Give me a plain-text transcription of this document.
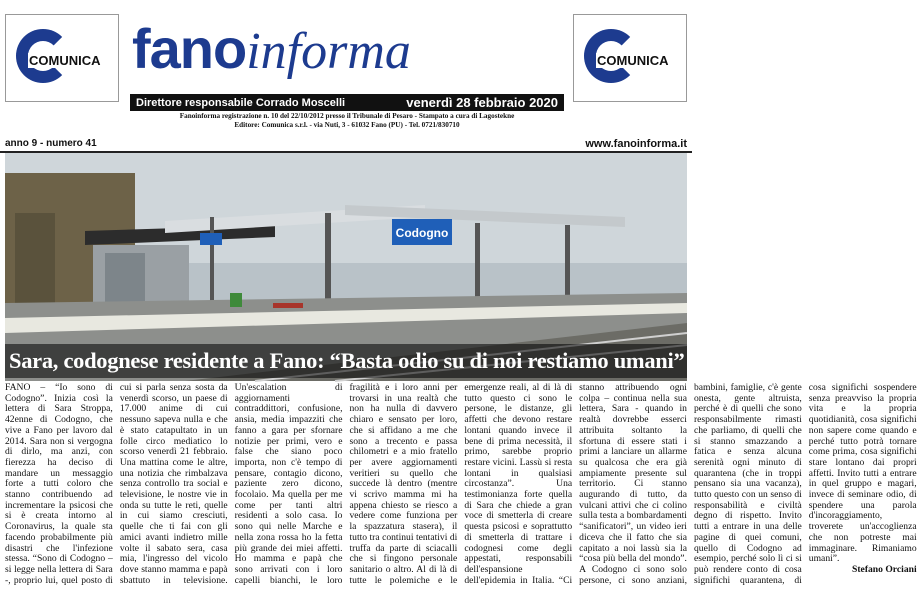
COMUNICA fanoinforma	COMUNICA
Direttore responsabile Corrado Moscelli	venerdì 28 febbraio 2020
Fanoinforma registrazione n. 10 del 22/10/2012 presso il Tribunale di Pesaro - Stampato a cura di Lagostekne
Editore: Comunica s.r.l. - via Nuti, 3 - 61032 Fano (PU) - Tel. 0721/830710
anno 9 - numero 41	www.fanoinforma.it
Codogno
Sara, codognese residente a Fano: “Basta odio su di noi restiamo umani”

FANO – “Io sono di Codogno”. Inizia così la lettera di Sara Stroppa, 42enne di Codogno, che vive a Fano per lavoro dal 2014. Sara non si vergogna di dirlo, ma anzi, con fierezza ha deciso di mandare un messaggio forte a tutti coloro che stanno contribuendo ad incrementare la psicosi che si è creata intorno al Coronavirus, la quale sta facendo probabilmente più disastri che l'infezione stessa. “Sono di Codogno – si legge nella lettera di Sara -, proprio lui, quel posto di cui si parla senza sosta da venerdì scorso, un paese di 17.000 anime di cui nessuno sapeva nulla e che è stato catapultato in un folle circo mediatico lo scorso venerdì 21 febbraio. Una mattina come le altre, una notizia che rimbalzava senza controllo tra social e televisione, le nostre vie in onda su tutte le reti, quelle in cui siamo cresciuti, quelle che ti fai con gli amici avanti indietro mille volte il sabato sera, casa mia, l'ingresso del vicolo dove stanno mamma e papà sbattuto in televisione. Un'escalation di aggiornamenti contraddittori, confusione, ansia, media impazziti che fanno a gara per sfornare notizie per primi, vero e false che siano poco importa, non c'è tempo di pensare, contagio dicono, paziente zero dicono, focolaio. Ma quella per me come per tanti altri residenti a solo casa. Io sono qui nelle Marche e nella zona rossa ho la fetta più grande dei miei affetti. Ho mamma e papà che sono arrivati con i loro capelli bianchi, le loro fragilità e i loro anni per trovarsi in una realtà che non ha nulla di davvero chiaro e sensato per loro, che si affidano a me che sono a trecento e passa chilometri e a mio fratello per avere aggiornamenti veritieri su quello che succede là dentro (mentre vi scrivo mamma mi ha appena chiesto se riesco a vedere come funziona per la spazzatura stasera), il tutto tra continui tentativi di truffa da parte di sciacalli che si fingono personale sanitario o altro. Al di là di tutte le polemiche e le emergenze reali, al di là di tutto questo ci sono le persone, le distanze, gli affetti che devono restare lontani quando invece il bene di prima necessità, il primo, sarebbe proprio restare vicini. Lassù si resta lontani in qualsiasi circostanza”. Una testimonianza forte quella di Sara che chiede a gran voce di smetterla di creare questa psicosi e soprattutto di smetterla di trattare i codognesi come degli appestati, responsabili dell'espansione dell'epidemia in Italia. “Ci stanno attribuendo ogni colpa – continua nella sua lettera, Sara - quando in realtà dovrebbe esserci attribuita soltanto la sfortuna di essere stati i primi a lanciare un allarme su qualcosa che era già ampiamente presente sul territorio. Ci stanno augurando di tutto, da vulcani attivi che ci colino sulla testa a bombardamenti “sanificatori”, un video ieri diceva che il fatto che sia capitato a noi lassù sia la “cosa più bella del mondo”. A Codogno ci sono solo persone, ci sono anziani, bambini, famiglie, c'è gente onesta, gente altruista, perché è di quelli che sono responsabilmente rimasti che parliamo, di quelli che si stanno smazzando a fatica e senza alcuna serenità ogni minuto di quarantena (che in troppi pensano sia una vacanza), tutto questo con un senso di responsabilità e civiltà degno di rispetto. Invito tutti a entrare in una delle pagine di quei comuni, quello di Codogno ad esempio, perché solo lì ci si può rendere conto di cosa significhi quarantena, di cosa significhi sospendere senza preavviso la propria vita e la propria quotidianità, cosa significhi non sapere come quando e perché tutto potrà tornare come prima, cosa significhi stare lontano dai propri affetti. Invito tutti a entrare in quel gruppo e magari, invece di seminare odio, di spendere una parola d'incoraggiamento, troverete un'accoglienza che non potreste mai immaginare. Rimaniamo umani”.

Stefano Orciani
